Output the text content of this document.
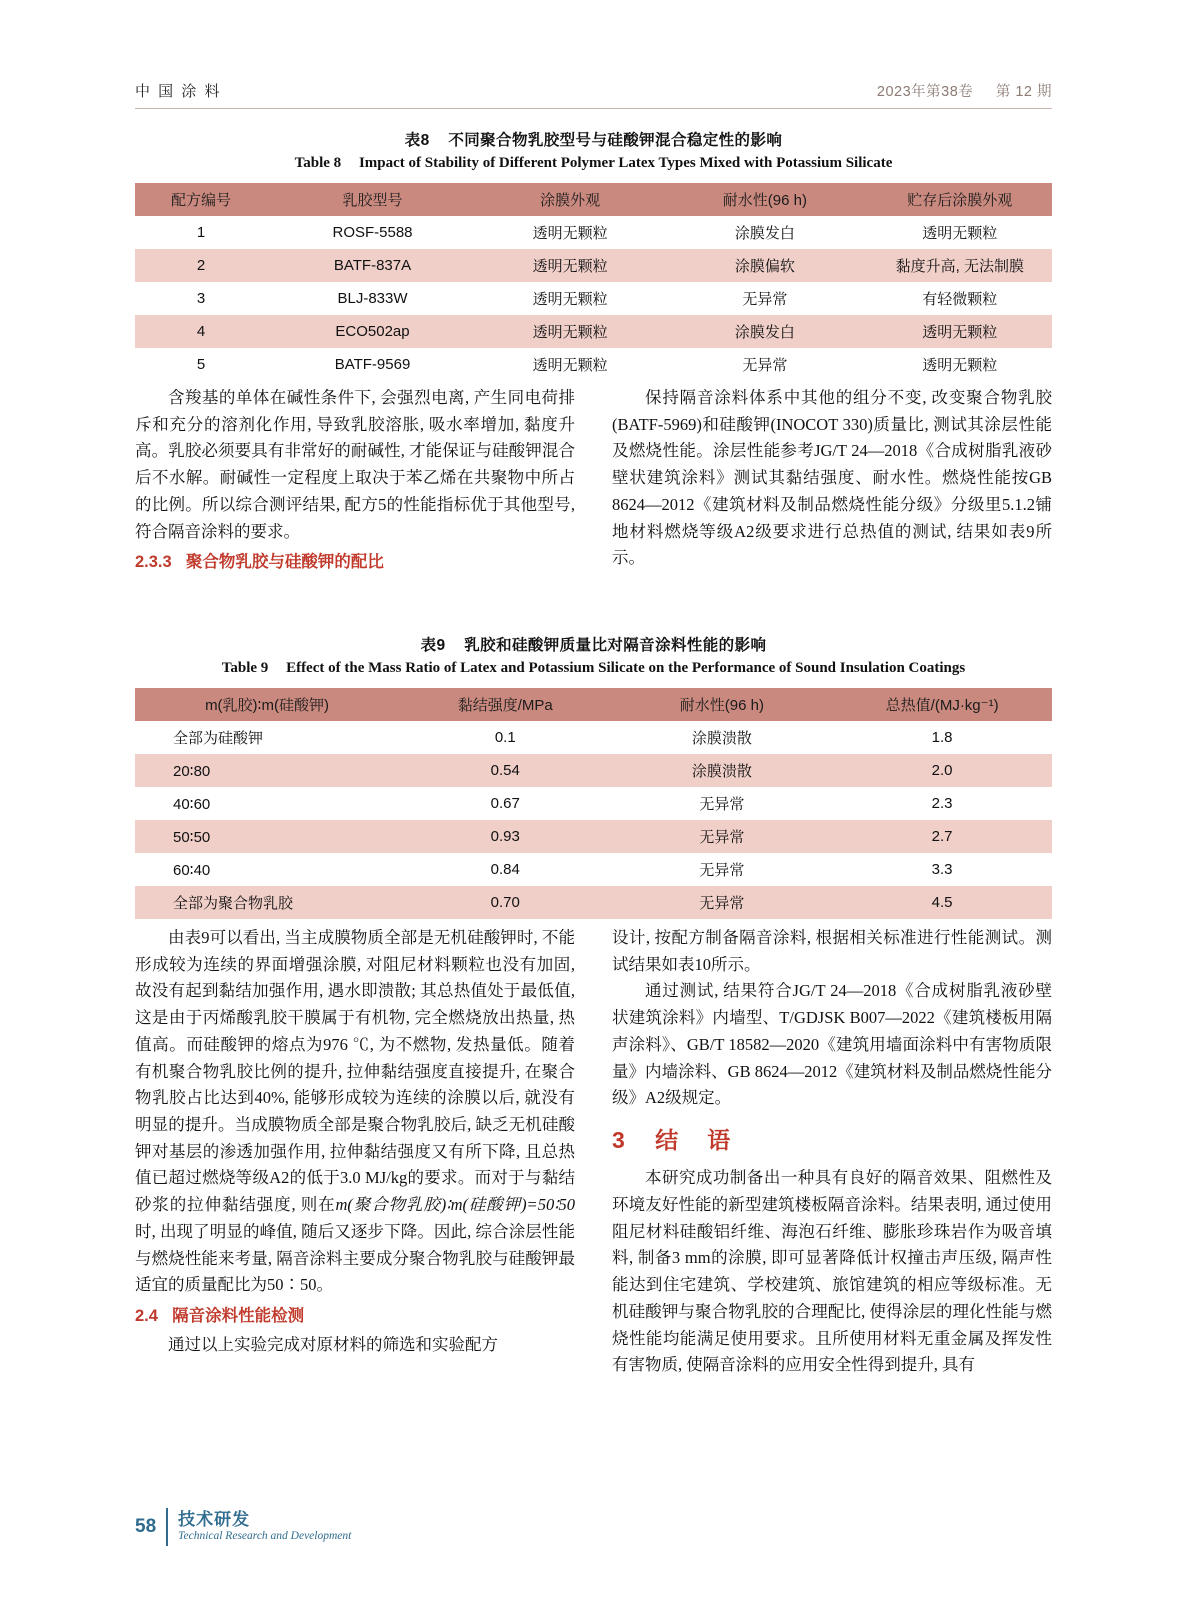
中 国 涂 料	2023年第38卷 第 12 期
表8 不同聚合物乳胶型号与硅酸钾混合稳定性的影响
Table 8 Impact of Stability of Different Polymer Latex Types Mixed with Potassium Silicate
配方编号	乳胶型号	涂膜外观	耐水性(96 h)	贮存后涂膜外观
1	ROSF-5588	透明无颗粒	涂膜发白	透明无颗粒
2	BATF-837A	透明无颗粒	涂膜偏软	黏度升高, 无法制膜
3	BLJ-833W	透明无颗粒	无异常	有轻微颗粒
4	ECO502ap	透明无颗粒	涂膜发白	透明无颗粒
5	BATF-9569	透明无颗粒	无异常	透明无颗粒

含羧基的单体在碱性条件下, 会强烈电离, 产生同电荷排斥和充分的溶剂化作用, 导致乳胶溶胀, 吸水率增加, 黏度升高。乳胶必须要具有非常好的耐碱性, 才能保证与硅酸钾混合后不水解。耐碱性一定程度上取决于苯乙烯在共聚物中所占的比例。所以综合测评结果, 配方5的性能指标优于其他型号, 符合隔音涂料的要求。

2.3.3 聚合物乳胶与硅酸钾的配比

保持隔音涂料体系中其他的组分不变, 改变聚合物乳胶(BATF-5969)和硅酸钾(INOCOT 330)质量比, 测试其涂层性能及燃烧性能。涂层性能参考JG/T 24—2018《合成树脂乳液砂壁状建筑涂料》测试其黏结强度、耐水性。燃烧性能按GB 8624—2012《建筑材料及制品燃烧性能分级》分级里5.1.2铺地材料燃烧等级A2级要求进行总热值的测试, 结果如表9所示。

表9 乳胶和硅酸钾质量比对隔音涂料性能的影响
Table 9 Effect of the Mass Ratio of Latex and Potassium Silicate on the Performance of Sound Insulation Coatings
m(乳胶)∶m(硅酸钾)	黏结强度/MPa	耐水性(96 h)	总热值/(MJ·kg⁻¹)
全部为硅酸钾	0.1	涂膜溃散	1.8
20∶80	0.54	涂膜溃散	2.0
40∶60	0.67	无异常	2.3
50∶50	0.93	无异常	2.7
60∶40	0.84	无异常	3.3
全部为聚合物乳胶	0.70	无异常	4.5

由表9可以看出, 当主成膜物质全部是无机硅酸钾时, 不能形成较为连续的界面增强涂膜, 对阻尼材料颗粒也没有加固, 故没有起到黏结加强作用, 遇水即溃散; 其总热值处于最低值, 这是由于丙烯酸乳胶干膜属于有机物, 完全燃烧放出热量, 热值高。而硅酸钾的熔点为976 ℃, 为不燃物, 发热量低。随着有机聚合物乳胶比例的提升, 拉伸黏结强度直接提升, 在聚合物乳胶占比达到40%, 能够形成较为连续的涂膜以后, 就没有明显的提升。当成膜物质全部是聚合物乳胶后, 缺乏无机硅酸钾对基层的渗透加强作用, 拉伸黏结强度又有所下降, 且总热值已超过燃烧等级A2的低于3.0 MJ/kg的要求。而对于与黏结砂浆的拉伸黏结强度, 则在m(聚合物乳胶)∶m(硅酸钾)=50∶50时, 出现了明显的峰值, 随后又逐步下降。因此, 综合涂层性能与燃烧性能来考量, 隔音涂料主要成分聚合物乳胶与硅酸钾最适宜的质量配比为50∶50。

2.4 隔音涂料性能检测

通过以上实验完成对原材料的筛选和实验配方

设计, 按配方制备隔音涂料, 根据相关标准进行性能测试。测试结果如表10所示。

通过测试, 结果符合JG/T 24—2018《合成树脂乳液砂壁状建筑涂料》内墙型、T/GDJSK B007—2022《建筑楼板用隔声涂料》、GB/T 18582—2020《建筑用墙面涂料中有害物质限量》内墙涂料、GB 8624—2012《建筑材料及制品燃烧性能分级》A2级规定。

3 结　语

本研究成功制备出一种具有良好的隔音效果、阻燃性及环境友好性能的新型建筑楼板隔音涂料。结果表明, 通过使用阻尼材料硅酸铝纤维、海泡石纤维、膨胀珍珠岩作为吸音填料, 制备3 mm的涂膜, 即可显著降低计权撞击声压级, 隔声性能达到住宅建筑、学校建筑、旅馆建筑的相应等级标准。无机硅酸钾与聚合物乳胶的合理配比, 使得涂层的理化性能与燃烧性能均能满足使用要求。且所使用材料无重金属及挥发性有害物质, 使隔音涂料的应用安全性得到提升, 具有

58 技术研发
Technical Research and Development
